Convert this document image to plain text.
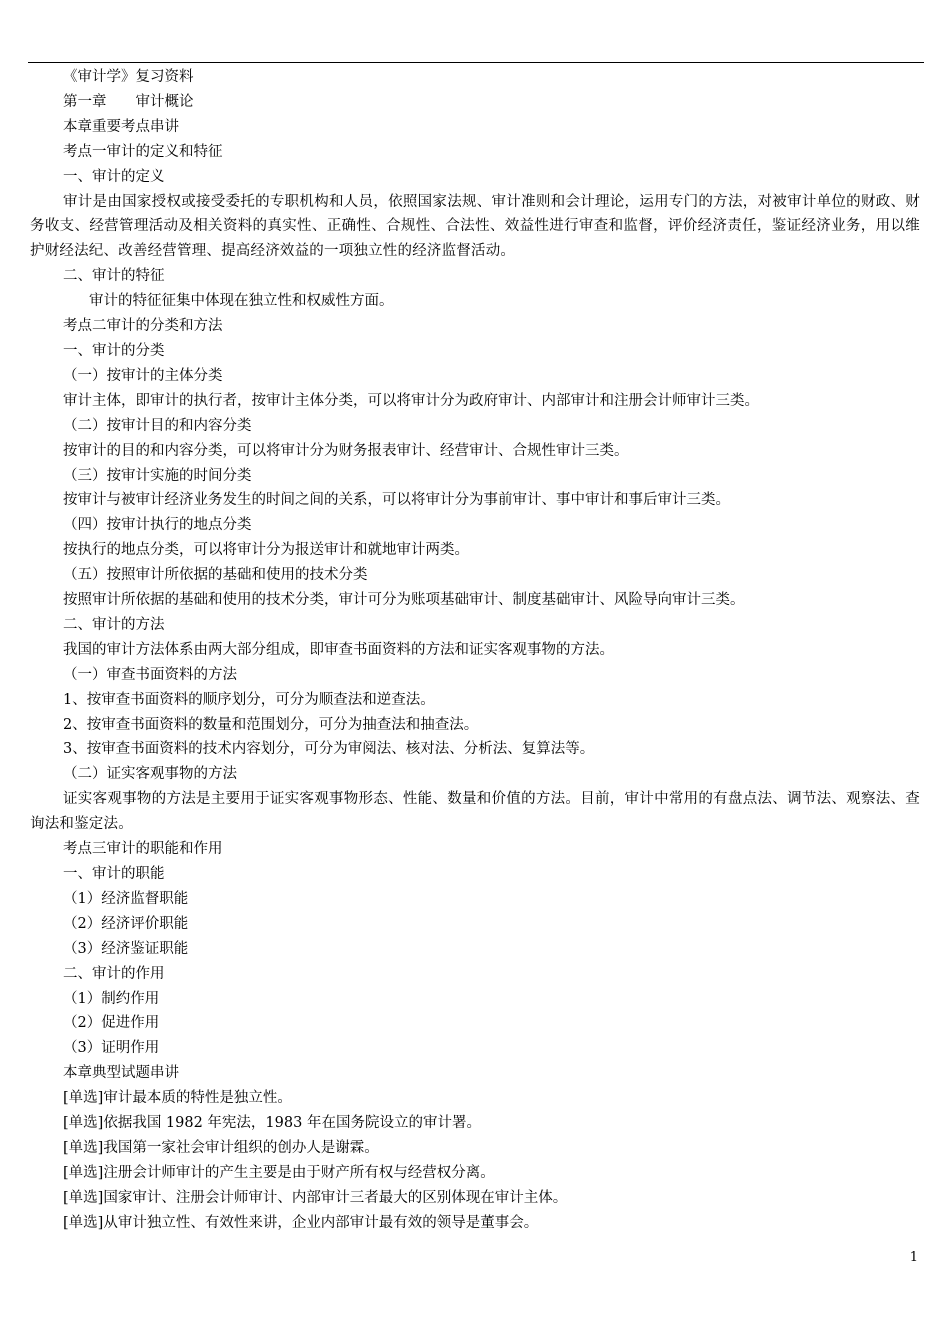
《审计学》复习资料

第一章　　审计概论

本章重要考点串讲

考点一审计的定义和特征

一、审计的定义

审计是由国家授权或接受委托的专职机构和人员，依照国家法规、审计准则和会计理论，运用专门的方法，对被审计单位的财政、财务收支、经营管理活动及相关资料的真实性、正确性、合规性、合法性、效益性进行审查和监督，评价经济责任，鉴证经济业务，用以维护财经法纪、改善经营管理、提高经济效益的一项独立性的经济监督活动。

二、审计的特征

审计的特征征集中体现在独立性和权威性方面。

考点二审计的分类和方法

一、审计的分类

（一）按审计的主体分类

审计主体，即审计的执行者，按审计主体分类，可以将审计分为政府审计、内部审计和注册会计师审计三类。

（二）按审计目的和内容分类

按审计的目的和内容分类，可以将审计分为财务报表审计、经营审计、合规性审计三类。

（三）按审计实施的时间分类

按审计与被审计经济业务发生的时间之间的关系，可以将审计分为事前审计、事中审计和事后审计三类。

（四）按审计执行的地点分类

按执行的地点分类，可以将审计分为报送审计和就地审计两类。

（五）按照审计所依据的基础和使用的技术分类

按照审计所依据的基础和使用的技术分类，审计可分为账项基础审计、制度基础审计、风险导向审计三类。

二、审计的方法

我国的审计方法体系由两大部分组成，即审查书面资料的方法和证实客观事物的方法。

（一）审查书面资料的方法

1、按审查书面资料的顺序划分，可分为顺查法和逆查法。

2、按审查书面资料的数量和范围划分，可分为抽查法和抽查法。

3、按审查书面资料的技术内容划分，可分为审阅法、核对法、分析法、复算法等。

（二）证实客观事物的方法

证实客观事物的方法是主要用于证实客观事物形态、性能、数量和价值的方法。目前，审计中常用的有盘点法、调节法、观察法、查询法和鉴定法。

考点三审计的职能和作用

一、审计的职能

（1）经济监督职能

（2）经济评价职能

（3）经济鉴证职能

二、审计的作用

（1）制约作用

（2）促进作用

（3）证明作用

本章典型试题串讲

[单选]审计最本质的特性是独立性。

[单选]依据我国 1982 年宪法，1983 年在国务院设立的审计署。

[单选]我国第一家社会审计组织的创办人是谢霖。

[单选]注册会计师审计的产生主要是由于财产所有权与经营权分离。

[单选]国家审计、注册会计师审计、内部审计三者最大的区别体现在审计主体。

[单选]从审计独立性、有效性来讲，企业内部审计最有效的领导是董事会。

1
